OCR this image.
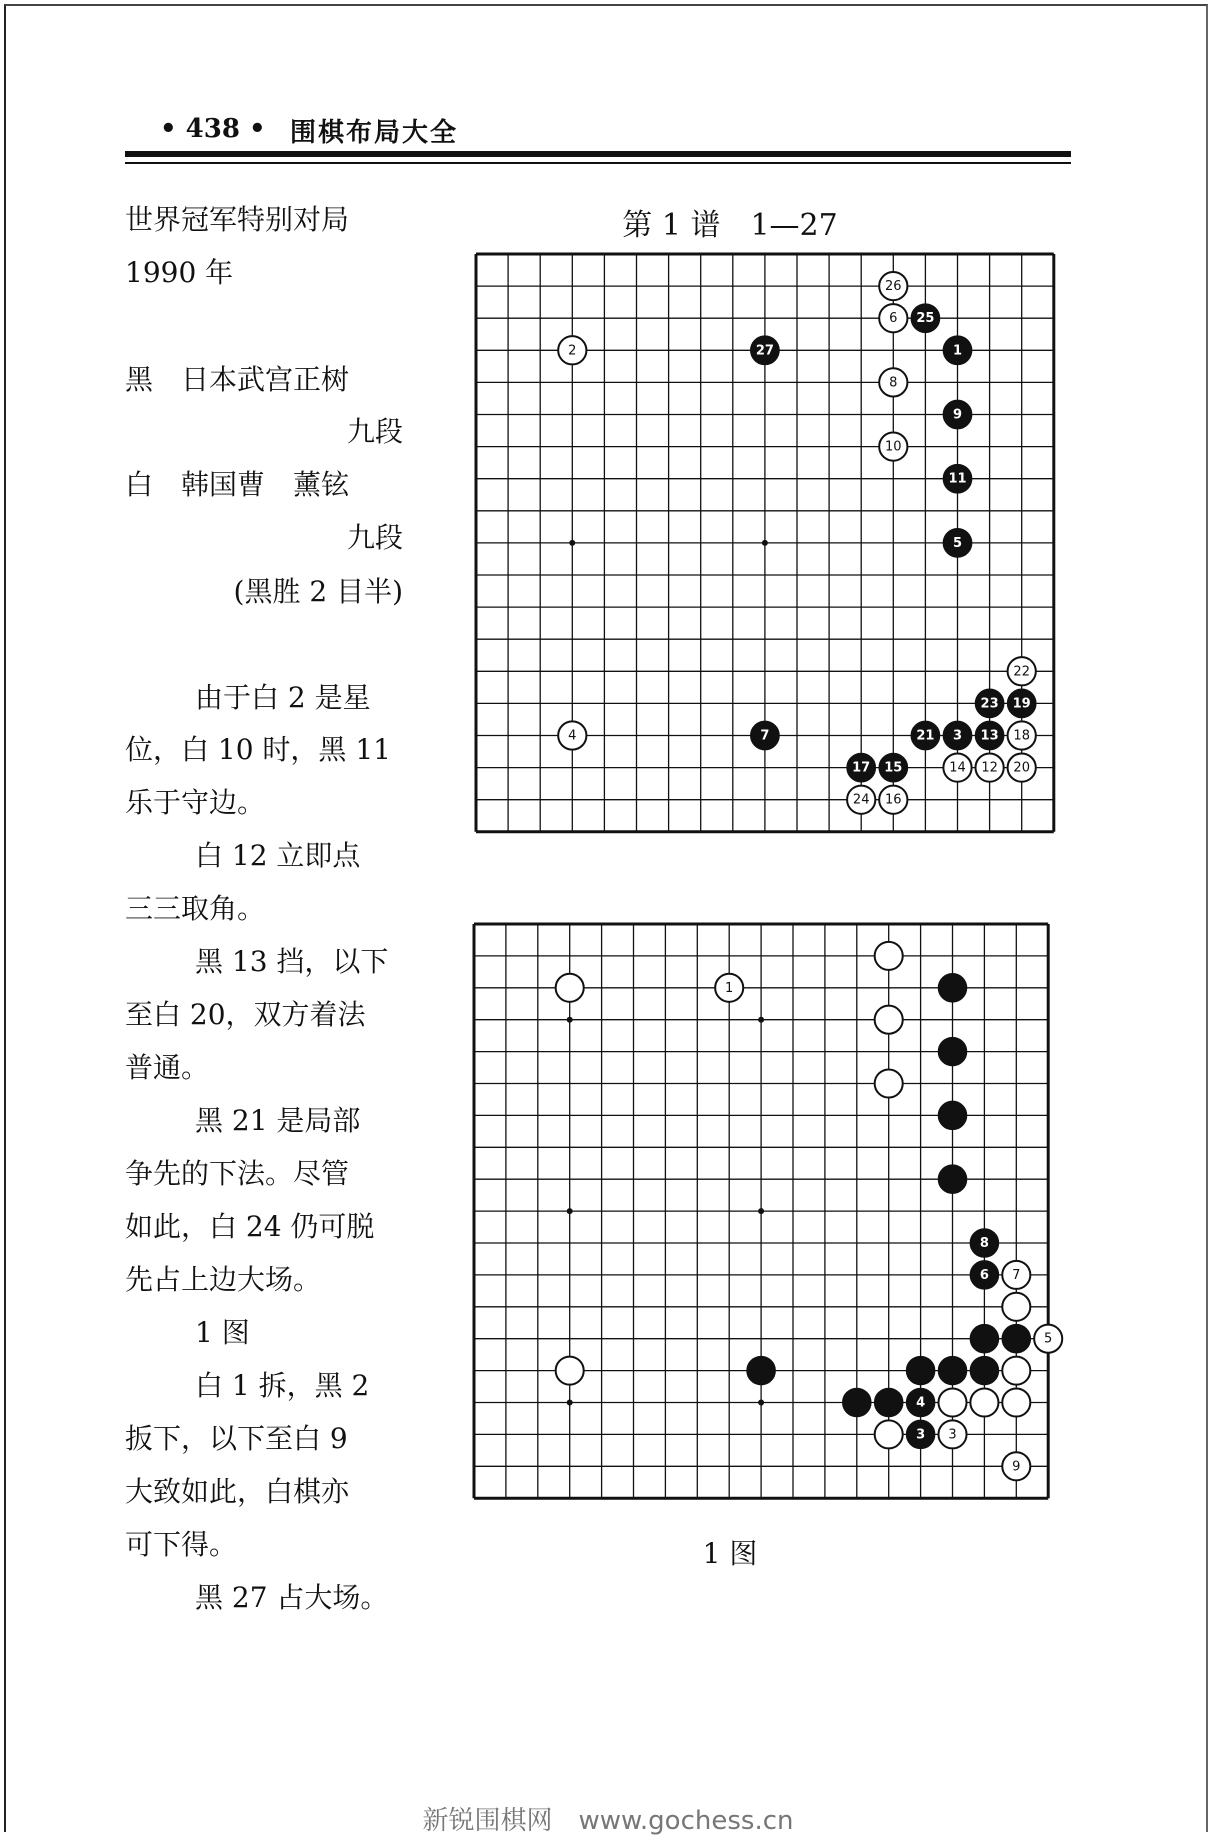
• 438 • 围棋布局大全
世界冠军特别对局
1990 年
黑　日本武宫正树
九段
白　韩国曹　薰铉
九段
(黑胜 2 目半)
由于白 2 是星
位，白 10 时，黑 11
乐于守边。
白 12 立即点
三三取角。
黑 13 挡，以下
至白 20，双方着法
普通。
黑 21 是局部
争先的下法。尽管
如此，白 24 仍可脱
先占上边大场。
1 图
白 1 拆，黑 2
扳下，以下至白 9
大致如此，白棋亦
可下得。
黑 27 占大场。
第 1 谱　1—27
26
6 25
2	27	1
8
9
10
11
5
22
23 19
4	7	21 3 13 18
17 15	14 12 20
24 16
1
8
6 7
5
4
3 3
9
1 图
新锐围棋网　www.gochess.cn
